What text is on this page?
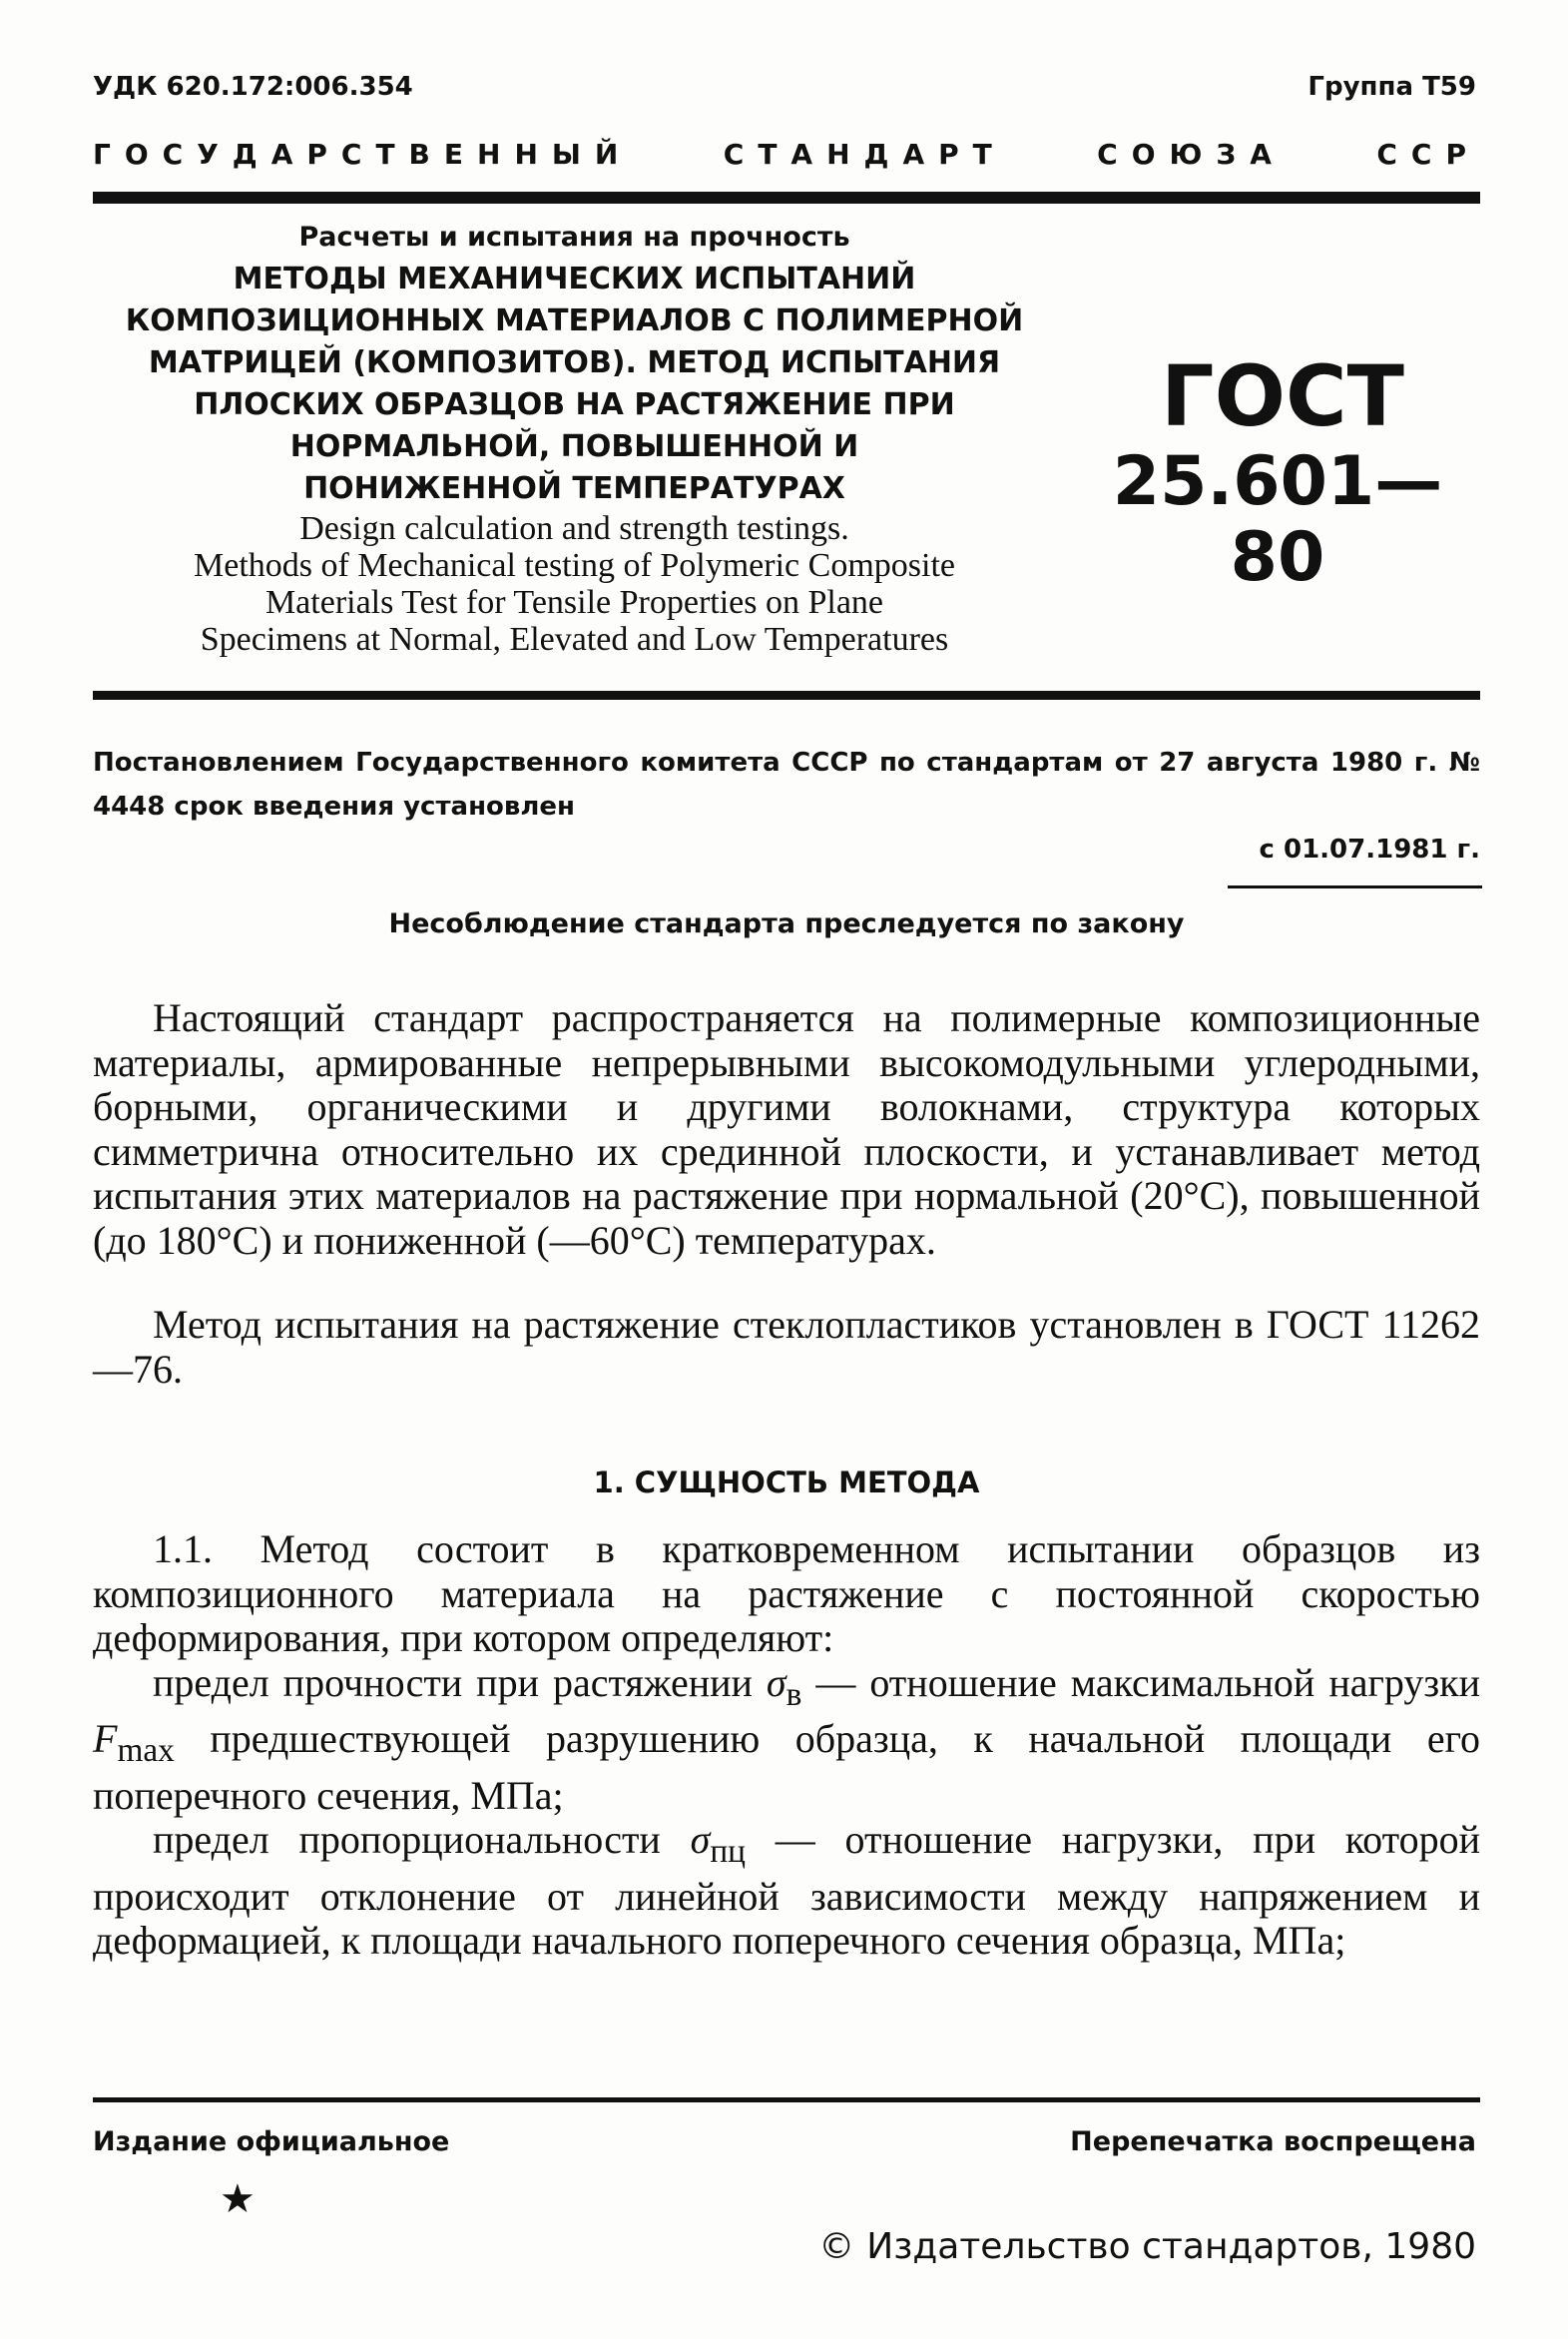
УДК 620.172:006.354	Группа Т59
ГОСУДАРСТВЕННЫЙ	СТАНДАРТ	СОЮЗА	ССР
Расчеты и испытания на прочность
МЕТОДЫ МЕХАНИЧЕСКИХ ИСПЫТАНИЙ
КОМПОЗИЦИОННЫХ МАТЕРИАЛОВ С ПОЛИМЕРНОЙ
МАТРИЦЕЙ (КОМПОЗИТОВ). МЕТОД ИСПЫТАНИЯ
ПЛОСКИХ ОБРАЗЦОВ НА РАСТЯЖЕНИЕ ПРИ
НОРМАЛЬНОЙ, ПОВЫШЕННОЙ И
ПОНИЖЕННОЙ ТЕМПЕРАТУРАХ
Design calculation and strength testings.
Methods of Mechanical testing of Polymeric Composite
Materials Test for Tensile Properties on Plane
Specimens at Normal, Elevated and Low Temperatures
ГОСТ
25.601—80
Постановлением Государственного комитета СССР по стандартам от 27 августа 1980 г. № 4448 срок введения установлен
с 01.07.1981 г.
Несоблюдение стандарта преследуется по закону

Настоящий стандарт распространяется на полимерные композиционные материалы, армированные непрерывными высокомодульными углеродными, борными, органическими и другими волокнами, структура которых симметрична относительно их срединной плоскости, и устанавливает метод испытания этих материалов на растяжение при нормальной (20°С), повышенной (до 180°С) и пониженной (—60°С) температурах.

Метод испытания на растяжение стеклопластиков установлен в ГОСТ 11262—76.

1. СУЩНОСТЬ МЕТОДА

1.1. Метод состоит в кратковременном испытании образцов из композиционного материала на растяжение с постоянной скоростью деформирования, при котором определяют:

предел прочности при растяжении $\sigma_в$ — отношение максимальной нагрузки $F_{max}$ предшествующей разрушению образца, к начальной площади его поперечного сечения, МПа;

предел пропорциональности $\sigma_{пц}$ — отношение нагрузки, при которой происходит отклонение от линейной зависимости между напряжением и деформацией, к площади начального поперечного сечения образца, МПа;

Издание официальное	Перепечатка воспрещена
★
© Издательство стандартов, 1980
